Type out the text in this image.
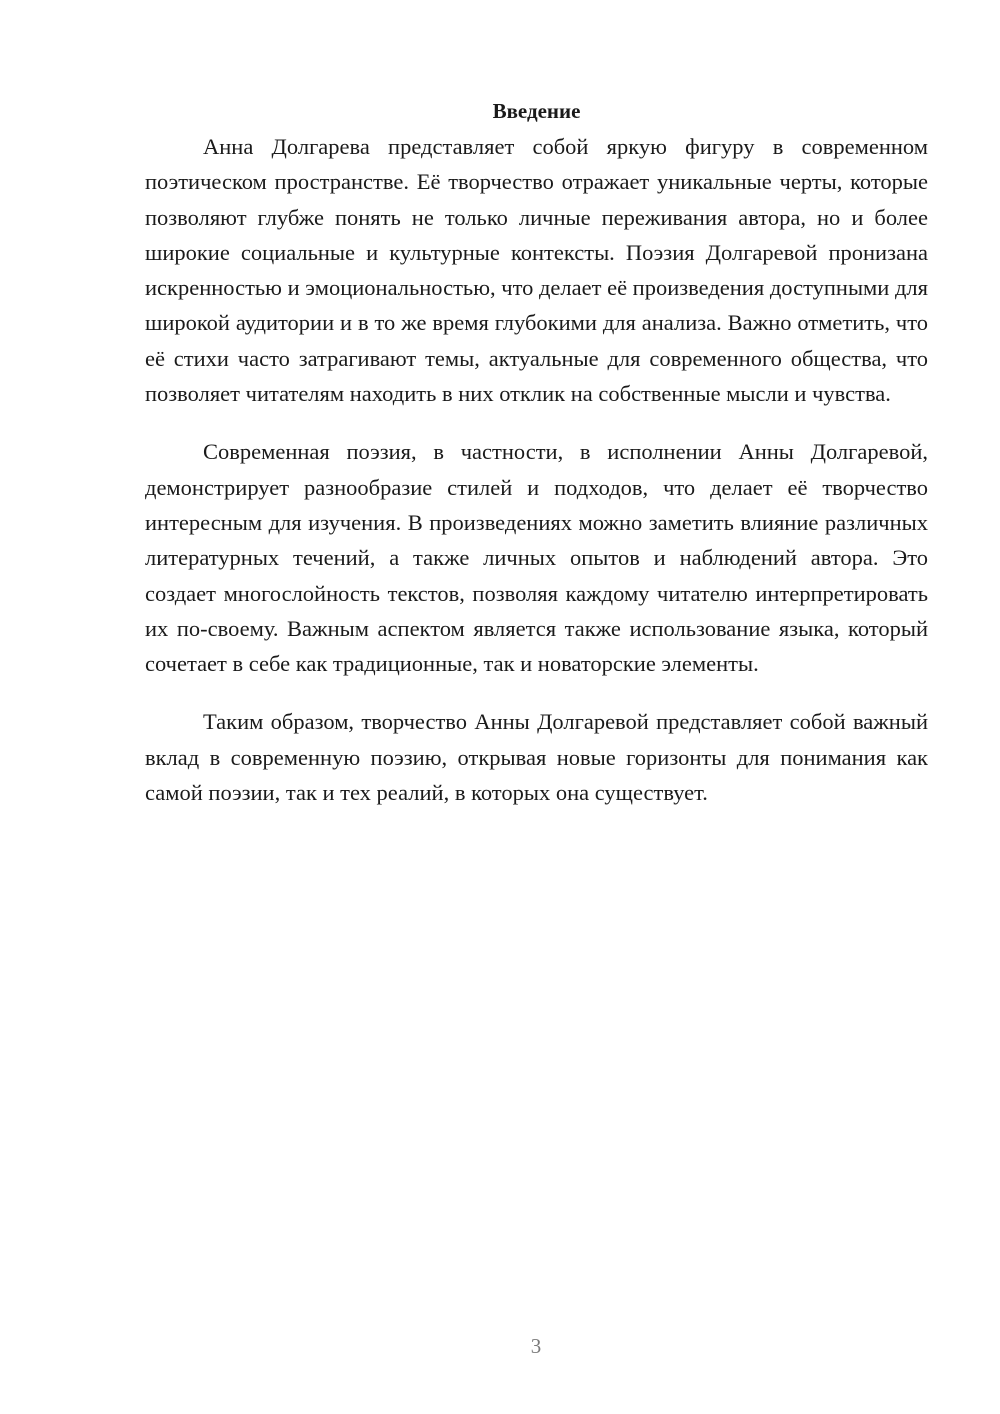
Введение

Анна Долгарева представляет собой яркую фигуру в современном поэтическом пространстве. Её творчество отражает уникальные черты, которые позволяют глубже понять не только личные переживания автора, но и более широкие социальные и культурные контексты. Поэзия Долгаревой пронизана искренностью и эмоциональностью, что делает её произведения доступными для широкой аудитории и в то же время глубокими для анализа. Важно отметить, что её стихи часто затрагивают темы, актуальные для современного общества, что позволяет читателям находить в них отклик на собственные мысли и чувства.

Современная поэзия, в частности, в исполнении Анны Долгаревой, демонстрирует разнообразие стилей и подходов, что делает её творчество интересным для изучения. В произведениях можно заметить влияние различных литературных течений, а также личных опытов и наблюдений автора. Это создает многослойность текстов, позволяя каждому читателю интерпретировать их по-своему. Важным аспектом является также использование языка, который сочетает в себе как традиционные, так и новаторские элементы.

Таким образом, творчество Анны Долгаревой представляет собой важный вклад в современную поэзию, открывая новые горизонты для понимания как самой поэзии, так и тех реалий, в которых она существует.

3
